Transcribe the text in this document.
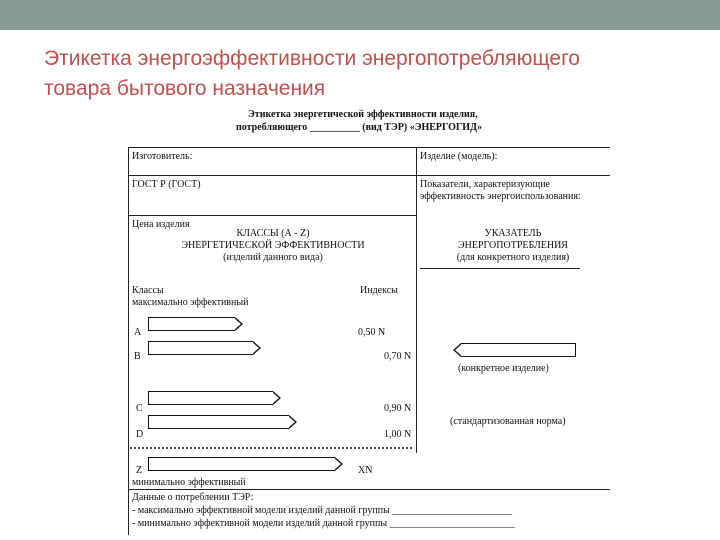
Этикетка энергоэффективности энергопотребляющего
товара бытового назначения
Этикетка энергетической эффективности изделия,
потребляющего __________ (вид ТЭР) «ЭНЕРГОГИД»
Изготовитель:	Изделие (модель):
ГОСТ Р (ГОСТ)	Показатели, характеризующие
эффективность энергоиспользования:
Цена изделия
КЛАССЫ (А - Z)
ЭНЕРГЕТИЧЕСКОЙ ЭФФЕКТИВНОСТИ
(изделий данного вида)
УКАЗАТЕЛЬ
ЭНЕРГОПОТРЕБЛЕНИЯ
(для конкретного изделия)
Классы	Индексы
максимально эффективный
A	0,50 N
B	0,70 N
(конкретное изделие)
C	0,90 N
(стандартизованная норма)
D	1,00 N
Z	XN
минимально эффективный
Данные о потреблении ТЭР:
- максимально эффективной модели изделий данной группы ________________________
- минимально эффективной модели изделий данной группы _________________________
